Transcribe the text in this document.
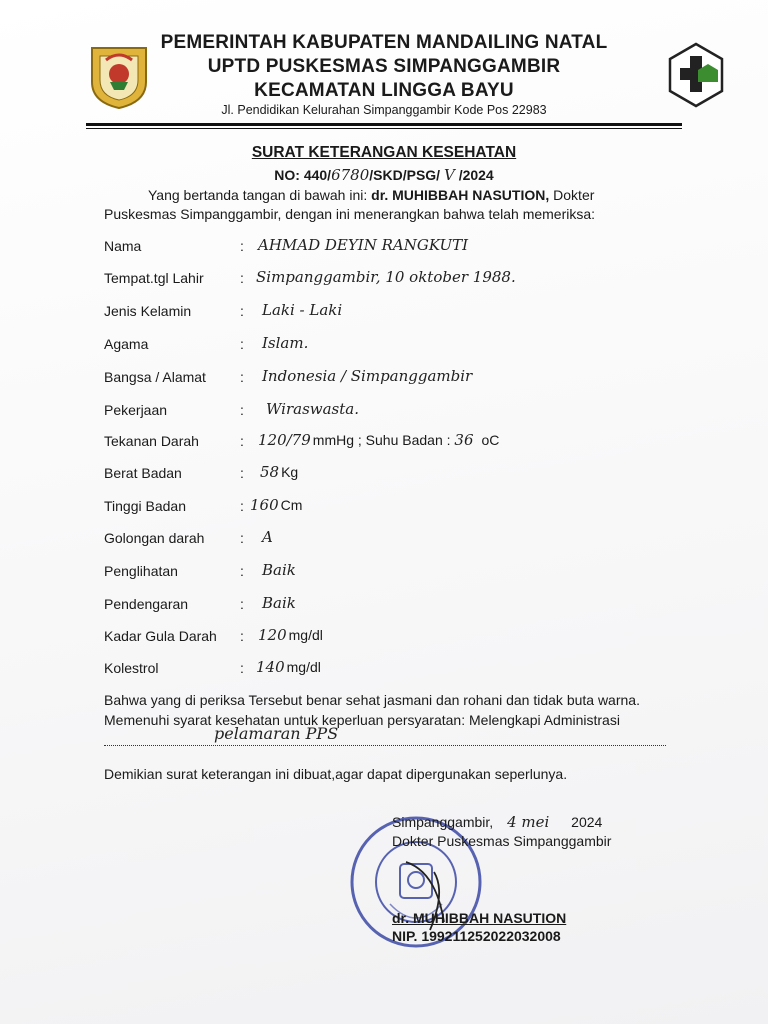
PEMERINTAH KABUPATEN MANDAILING NATAL
UPTD PUSKESMAS SIMPANGGAMBIR
KECAMATAN LINGGA BAYU
Jl. Pendidikan Kelurahan Simpanggambir Kode Pos 22983
SURAT KETERANGAN KESEHATAN
NO: 440/6780/SKD/PSG/ V /2024
Yang bertanda tangan di bawah ini: dr. MUHIBBAH NASUTION, Dokter
Puskesmas Simpanggambir, dengan ini menerangkan bahwa telah memeriksa:
Nama	: AHMAD DEYIN RANGKUTI
Tempat.tgl Lahir	: Simpanggambir, 10 oktober 1988.
Jenis Kelamin	: Laki - Laki
Agama	: Islam.
Bangsa / Alamat : Indonesia / Simpanggambir
Pekerjaan	: Wiraswasta.
Tekanan Darah	: 120/79 mmHg ; Suhu Badan : 36 oC
Berat Badan	: 58 Kg
Tinggi Badan	: 160 Cm
Golongan darah	: A
Penglihatan	: Baik
Pendengaran	: Baik
Kadar Gula Darah : 120 mg/dl
Kolestrol	: 140 mg/dl
Bahwa yang di periksa Tersebut benar sehat jasmani dan rohani dan tidak buta warna.
Memenuhi syarat kesehatan untuk keperluan persyaratan: Melengkapi Administrasi
pelamaran PPS
Demikian surat keterangan ini dibuat,agar dapat dipergunakan seperlunya.
Simpanggambir, 4 mei 2024
Dokter Puskesmas Simpanggambir
dr. MUHIBBAH NASUTION
NIP. 199211252022032008
